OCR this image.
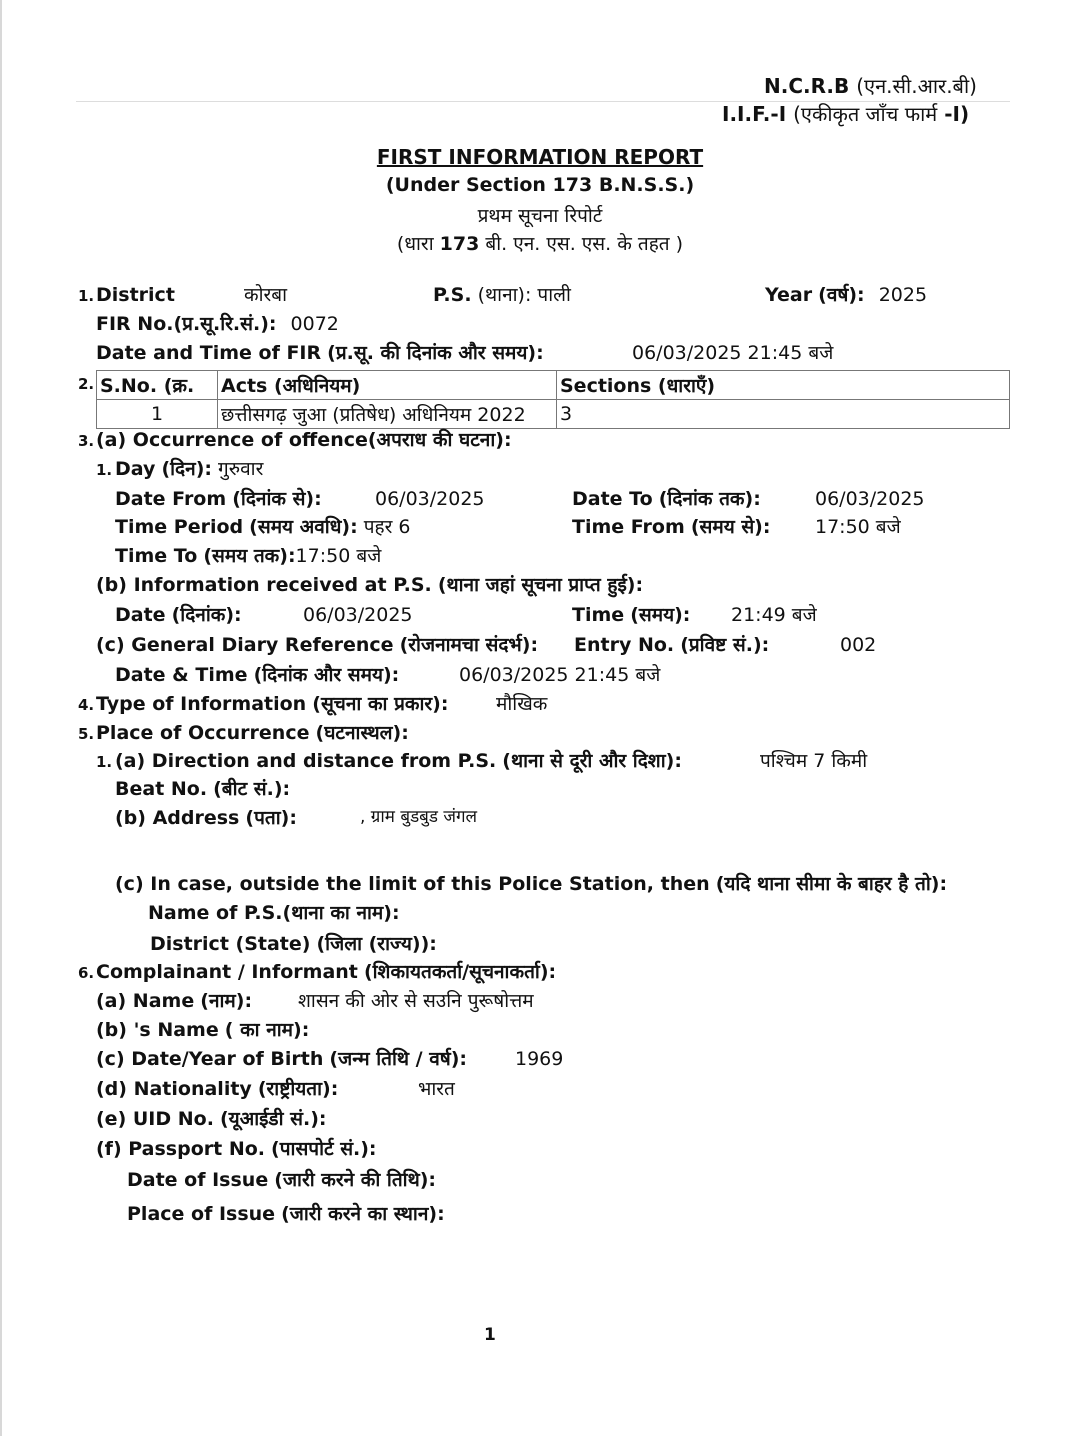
N.C.R.B (एन.सी.आर.बी)
I.I.F.-I (एकीकृत जाँच फार्म -I)
FIRST INFORMATION REPORT
(Under Section 173 B.N.S.S.)
प्रथम सूचना रिपोर्ट
(धारा 173 बी. एन. एस. एस. के तहत )
1. District	कोरबा	P.S. (थाना): पाली	Year (वर्ष): 2025
FIR No.(प्र.सू.रि.सं.): 0072
Date and Time of FIR (प्र.सू. की दिनांक और समय):	06/03/2025 21:45 बजे
2. S.No. (क्र.	Acts (अधिनियम)	Sections (धाराएँ)
1	छत्तीसगढ़ जुआ (प्रतिषेध) अधिनियम 2022	3
3. (a) Occurrence of offence(अपराध की घटना):
1. Day (दिन): गुरुवार
Date From (दिनांक से):	06/03/2025	Date To (दिनांक तक):	06/03/2025
Time Period (समय अवधि): पहर 6	Time From (समय से): 17:50 बजे
Time To (समय तक):17:50 बजे
(b) Information received at P.S. (थाना जहां सूचना प्राप्त हुई):
Date (दिनांक):	06/03/2025	Time (समय): 21:49 बजे
(c) General Diary Reference (रोजनामचा संदर्भ): Entry No. (प्रविष्ट सं.):	002
Date & Time (दिनांक और समय):	06/03/2025 21:45 बजे
4. Type of Information (सूचना का प्रकार):	मौखिक
5. Place of Occurrence (घटनास्थल):
1. (a) Direction and distance from P.S. (थाना से दूरी और दिशा):	पश्चिम 7 किमी
Beat No. (बीट सं.):
(b) Address (पता):	, ग्राम बुडबुड जंगल
(c) In case, outside the limit of this Police Station, then (यदि थाना सीमा के बाहर है तो):
Name of P.S.(थाना का नाम):
District (State) (जिला (राज्य)):
6. Complainant / Informant (शिकायतकर्ता/सूचनाकर्ता):
(a) Name (नाम): शासन की ओर से सउनि पुरूषोत्तम
(b) 's Name ( का नाम):
(c) Date/Year of Birth (जन्म तिथि / वर्ष):	1969
(d) Nationality (राष्ट्रीयता):	भारत
(e) UID No. (यूआईडी सं.):
(f) Passport No. (पासपोर्ट सं.):
Date of Issue (जारी करने की तिथि):
Place of Issue (जारी करने का स्थान):
1
